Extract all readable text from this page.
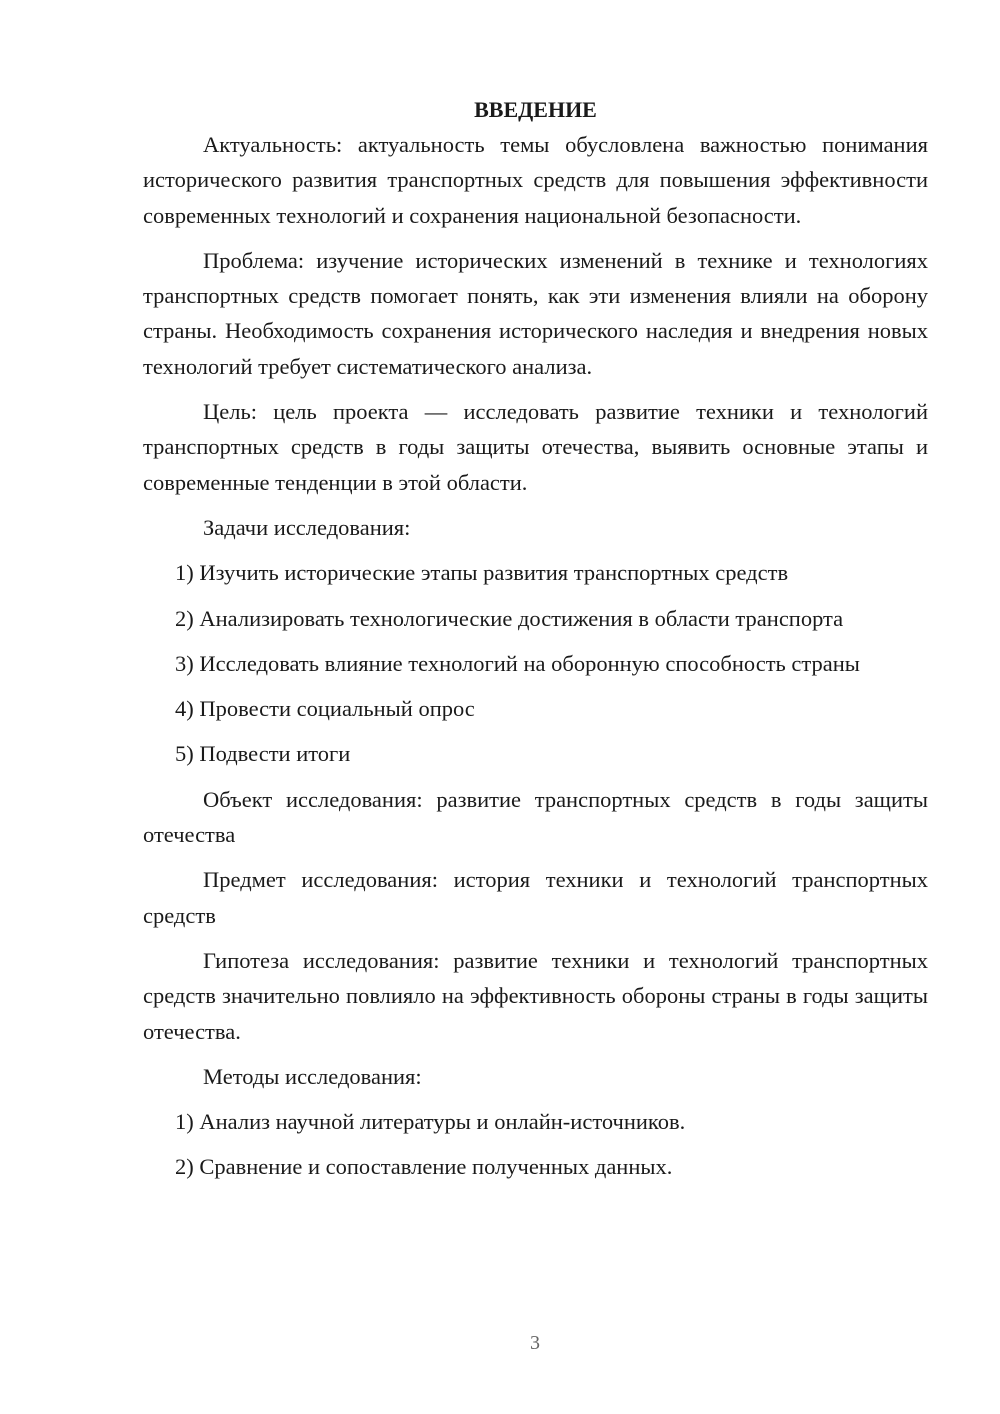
ВВЕДЕНИЕ

Актуальность: актуальность темы обусловлена важностью понимания исторического развития транспортных средств для повышения эффективности современных технологий и сохранения национальной безопасности.

Проблема: изучение исторических изменений в технике и технологиях транспортных средств помогает понять, как эти изменения влияли на оборону страны. Необходимость сохранения исторического наследия и внедрения новых технологий требует систематического анализа.

Цель: цель проекта — исследовать развитие техники и технологий транспортных средств в годы защиты отечества, выявить основные этапы и современные тенденции в этой области.

Задачи исследования:

1) Изучить исторические этапы развития транспортных средств

2) Анализировать технологические достижения в области транспорта

3) Исследовать влияние технологий на оборонную способность страны

4) Провести социальный опрос

5) Подвести итоги

Объект исследования: развитие транспортных средств в годы защиты отечества

Предмет исследования: история техники и технологий транспортных средств

Гипотеза исследования: развитие техники и технологий транспортных средств значительно повлияло на эффективность обороны страны в годы защиты отечества.

Методы исследования:

1) Анализ научной литературы и онлайн-источников.

2) Сравнение и сопоставление полученных данных.

3
